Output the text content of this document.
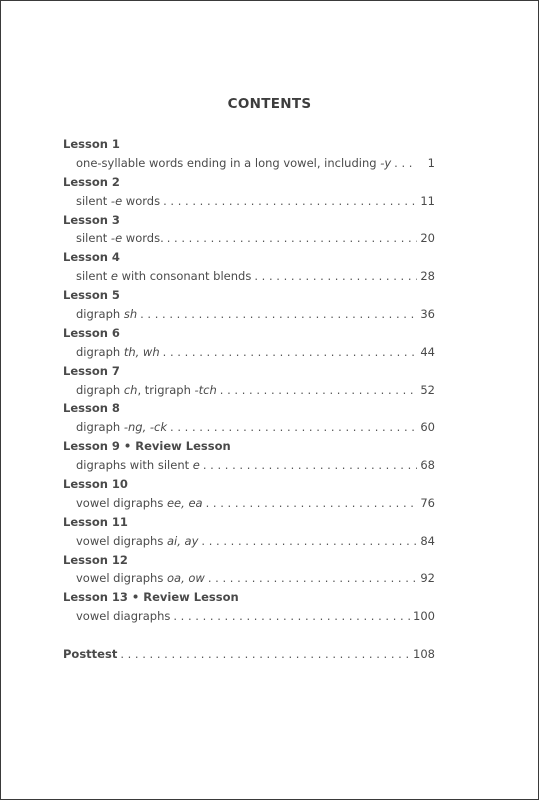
CONTENTS
Lesson 1
one-syllable words ending in a long vowel, including -y . . .	1
Lesson 2
silent -e words . . .	11
Lesson 3
silent -e words. . . .	20
Lesson 4
silent e with consonant blends . . .	28
Lesson 5
digraph sh . . .	36
Lesson 6
digraph th, wh . . .	44
Lesson 7
digraph ch, trigraph -tch . . .	52
Lesson 8
digraph -ng, -ck . . .	60
Lesson 9 • Review Lesson
digraphs with silent e . . .	68
Lesson 10
vowel digraphs ee, ea . . .	76
Lesson 11
vowel digraphs ai, ay . . .	84
Lesson 12
vowel digraphs oa, ow . . .	92
Lesson 13 • Review Lesson
vowel diagraphs . . .	100
Posttest . . .	108
